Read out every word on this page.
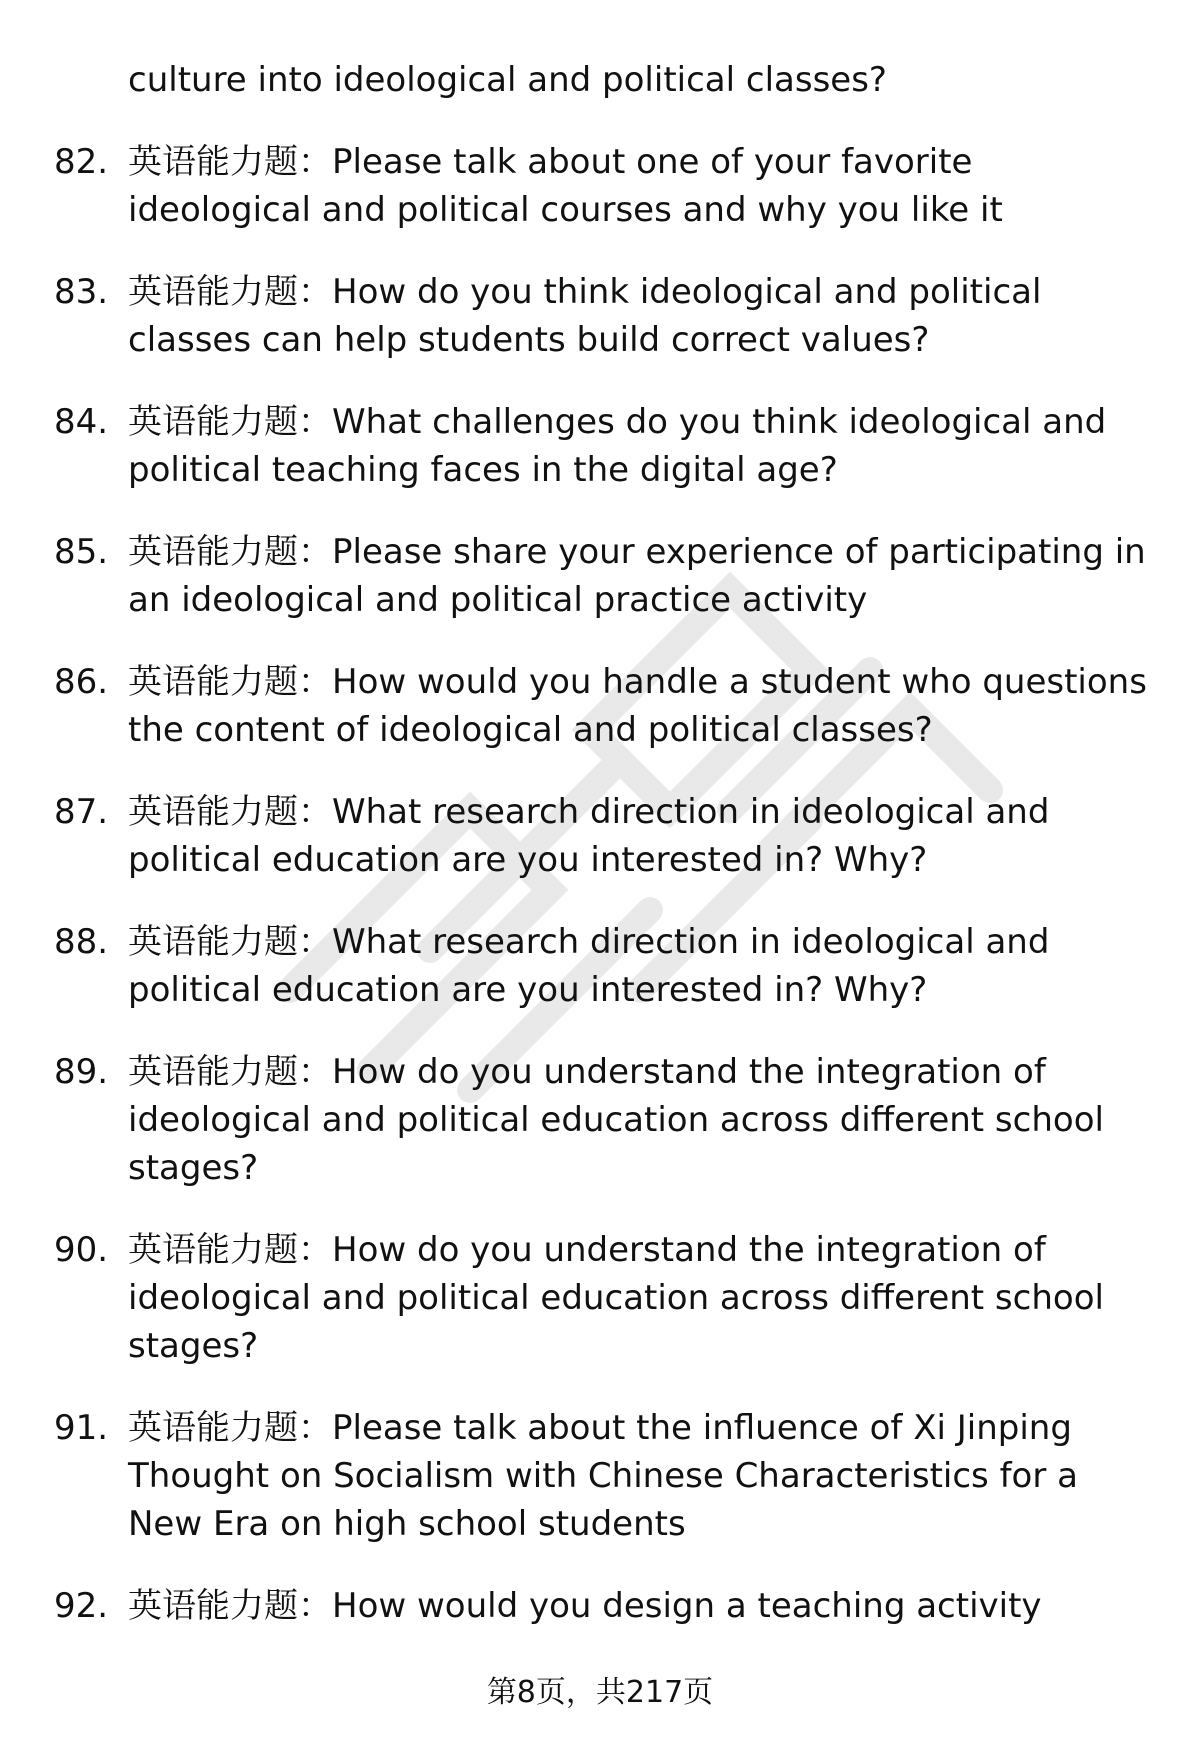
culture into ideological and political classes?

82. 英语能力题：Please talk about one of your favorite ideological and political courses and why you like it
83. 英语能力题：How do you think ideological and political classes can help students build correct values?
84. 英语能力题：What challenges do you think ideological and political teaching faces in the digital age?
85. 英语能力题：Please share your experience of participating in an ideological and political practice activity
86. 英语能力题：How would you handle a student who questions the content of ideological and political classes?
87. 英语能力题：What research direction in ideological and political education are you interested in? Why?
88. 英语能力题：What research direction in ideological and political education are you interested in? Why?
89. 英语能力题：How do you understand the integration of ideological and political education across different school stages?
90. 英语能力题：How do you understand the integration of ideological and political education across different school stages?
91. 英语能力题：Please talk about the influence of Xi Jinping Thought on Socialism with Chinese Characteristics for a New Era on high school students
92. 英语能力题：How would you design a teaching activity
第8页，共217页
